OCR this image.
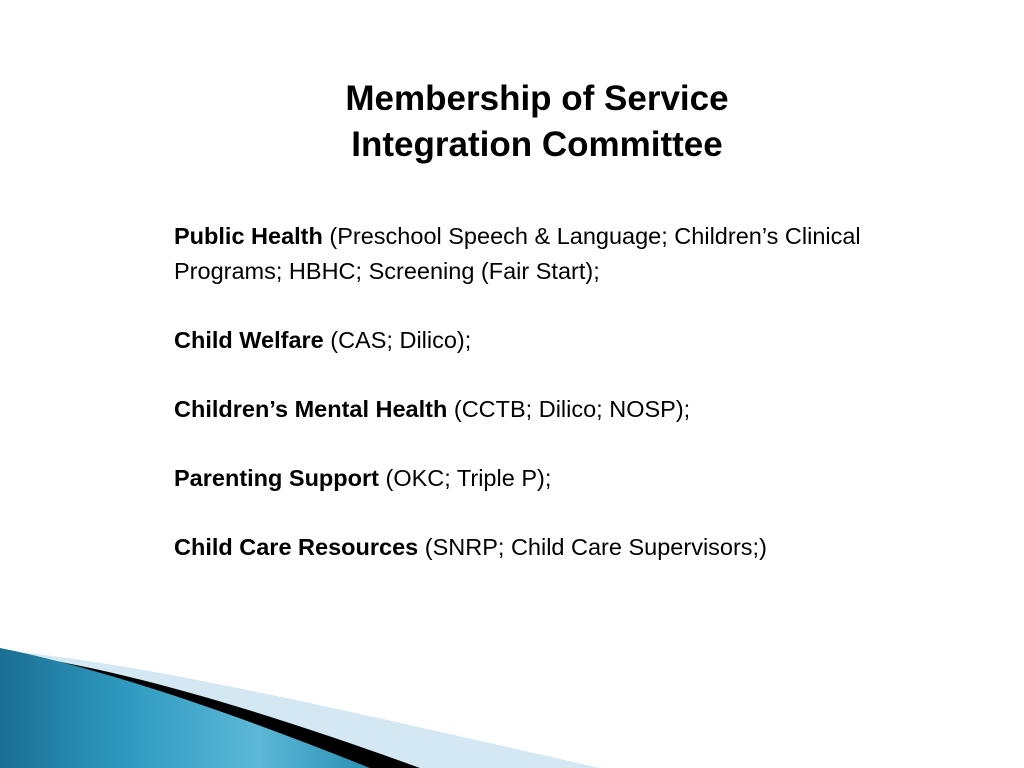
Membership of Service
Integration Committee

Public Health (Preschool Speech & Language; Children’s Clinical Programs; HBHC; Screening (Fair Start);

Child Welfare (CAS; Dilico);

Children’s Mental Health (CCTB; Dilico; NOSP);

Parenting Support (OKC; Triple P);

Child Care Resources (SNRP; Child Care Supervisors;)
